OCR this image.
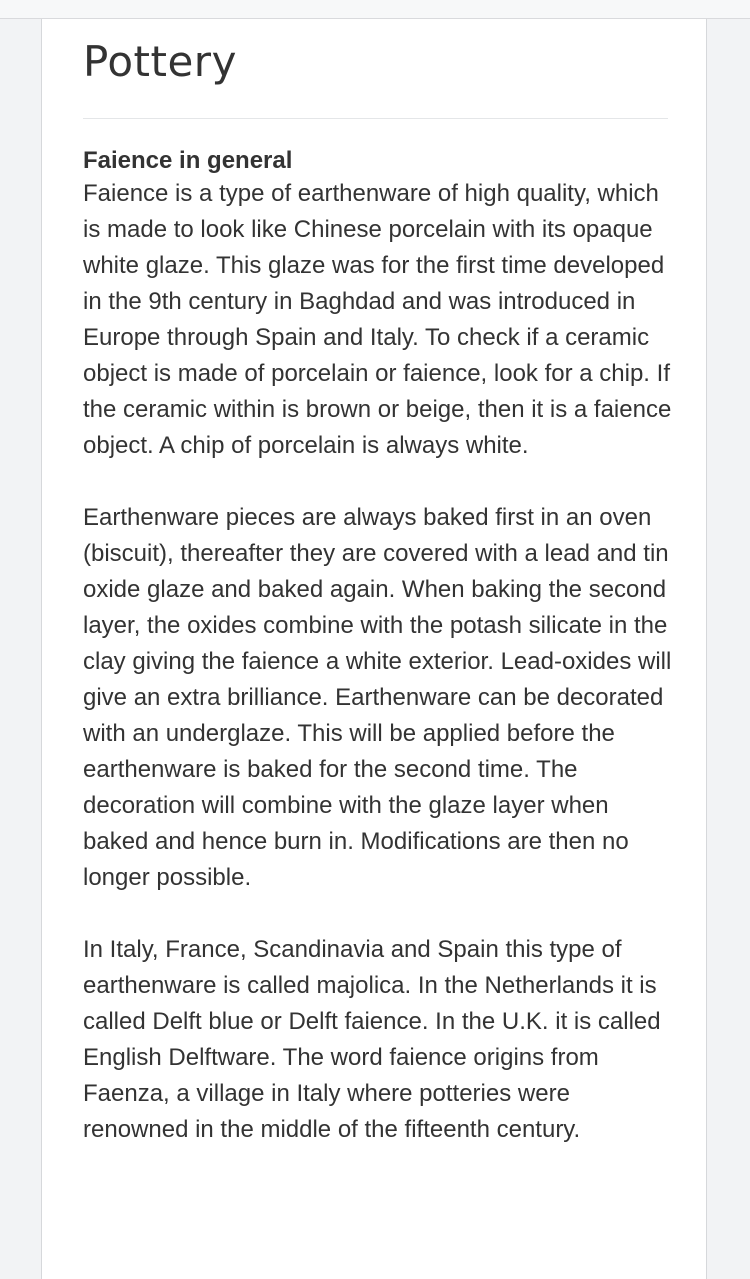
Pottery
Faience in general

Faience is a type of earthenware of high quality, which is made to look like Chinese porcelain with its opaque white glaze. This glaze was for the first time developed in the 9th century in Baghdad and was introduced in Europe through Spain and Italy. To check if a ceramic object is made of porcelain or faience, look for a chip. If the ceramic within is brown or beige, then it is a faience object. A chip of porcelain is always white.

Earthenware pieces are always baked first in an oven (biscuit), thereafter they are covered with a lead and tin oxide glaze and baked again. When baking the second layer, the oxides combine with the potash silicate in the clay giving the faience a white exterior. Lead-oxides will give an extra brilliance. Earthenware can be decorated with an underglaze. This will be applied before the earthenware is baked for the second time. The decoration will combine with the glaze layer when baked and hence burn in. Modifications are then no longer possible.

In Italy, France, Scandinavia and Spain this type of earthenware is called majolica. In the Netherlands it is called Delft blue or Delft faience. In the U.K. it is called English Delftware. The word faience origins from Faenza, a village in Italy where potteries were renowned in the middle of the fifteenth century.
